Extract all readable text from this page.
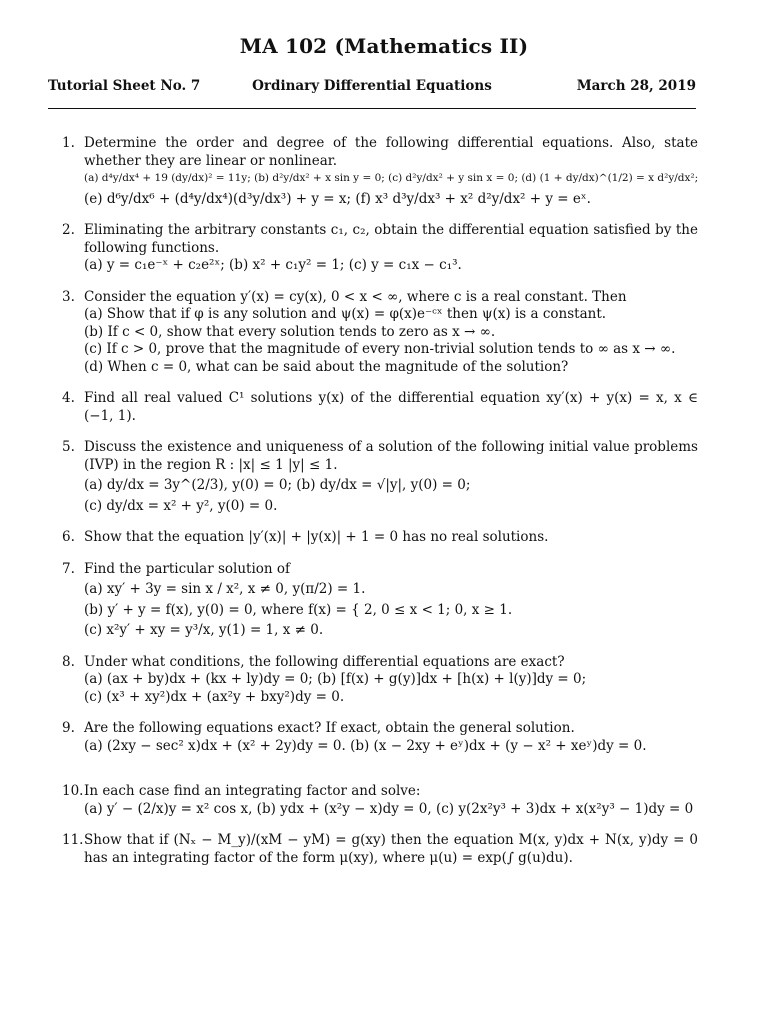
MA 102 (Mathematics II)
Tutorial Sheet No. 7	Ordinary Differential Equations	March 28, 2019
1. Determine the order and degree of the following differential equations. Also, state whether they are linear or nonlinear.
(a) d⁴y/dx⁴ + 19 (dy/dx)² = 11y; (b) d²y/dx² + x sin y = 0; (c) d²y/dx² + y sin x = 0; (d) (1 + dy/dx)^(1/2) = x d²y/dx²;
(e) d⁶y/dx⁶ + (d⁴y/dx⁴)(d³y/dx³) + y = x; (f) x³ d³y/dx³ + x² d²y/dx² + y = eˣ.
2. Eliminating the arbitrary constants c₁, c₂, obtain the differential equation satisfied by the following functions.
(a) y = c₁e⁻ˣ + c₂e²ˣ; (b) x² + c₁y² = 1; (c) y = c₁x − c₁³.
3. Consider the equation y′(x) = cy(x), 0 < x < ∞, where c is a real constant. Then
(a) Show that if φ is any solution and ψ(x) = φ(x)e⁻ᶜˣ then ψ(x) is a constant.
(b) If c < 0, show that every solution tends to zero as x → ∞.
(c) If c > 0, prove that the magnitude of every non-trivial solution tends to ∞ as x → ∞.
(d) When c = 0, what can be said about the magnitude of the solution?
4. Find all real valued C¹ solutions y(x) of the differential equation xy′(x) + y(x) = x, x ∈ (−1, 1).
5. Discuss the existence and uniqueness of a solution of the following initial value problems (IVP) in the region R : |x| ≤ 1 |y| ≤ 1.
(a) dy/dx = 3y^(2/3), y(0) = 0; (b) dy/dx = √|y|, y(0) = 0;
(c) dy/dx = x² + y², y(0) = 0.
6. Show that the equation |y′(x)| + |y(x)| + 1 = 0 has no real solutions.
7. Find the particular solution of
(a) xy′ + 3y = sin x / x², x ≠ 0, y(π/2) = 1.
(b) y′ + y = f(x), y(0) = 0, where f(x) = { 2, 0 ≤ x < 1; 0, x ≥ 1.
(c) x²y′ + xy = y³/x, y(1) = 1, x ≠ 0.
8. Under what conditions, the following differential equations are exact?
(a) (ax + by)dx + (kx + ly)dy = 0; (b) [f(x) + g(y)]dx + [h(x) + l(y)]dy = 0;
(c) (x³ + xy²)dx + (ax²y + bxy²)dy = 0.
9. Are the following equations exact? If exact, obtain the general solution.
(a) (2xy − sec² x)dx + (x² + 2y)dy = 0. (b) (x − 2xy + eʸ)dx + (y − x² + xeʸ)dy = 0.
10. In each case find an integrating factor and solve:
(a) y′ − (2/x)y = x² cos x, (b) ydx + (x²y − x)dy = 0, (c) y(2x²y³ + 3)dx + x(x²y³ − 1)dy = 0
11. Show that if (Nₓ − M_y)/(xM − yM) = g(xy) then the equation M(x, y)dx + N(x, y)dy = 0 has an integrating factor of the form μ(xy), where μ(u) = exp(∫ g(u)du).
